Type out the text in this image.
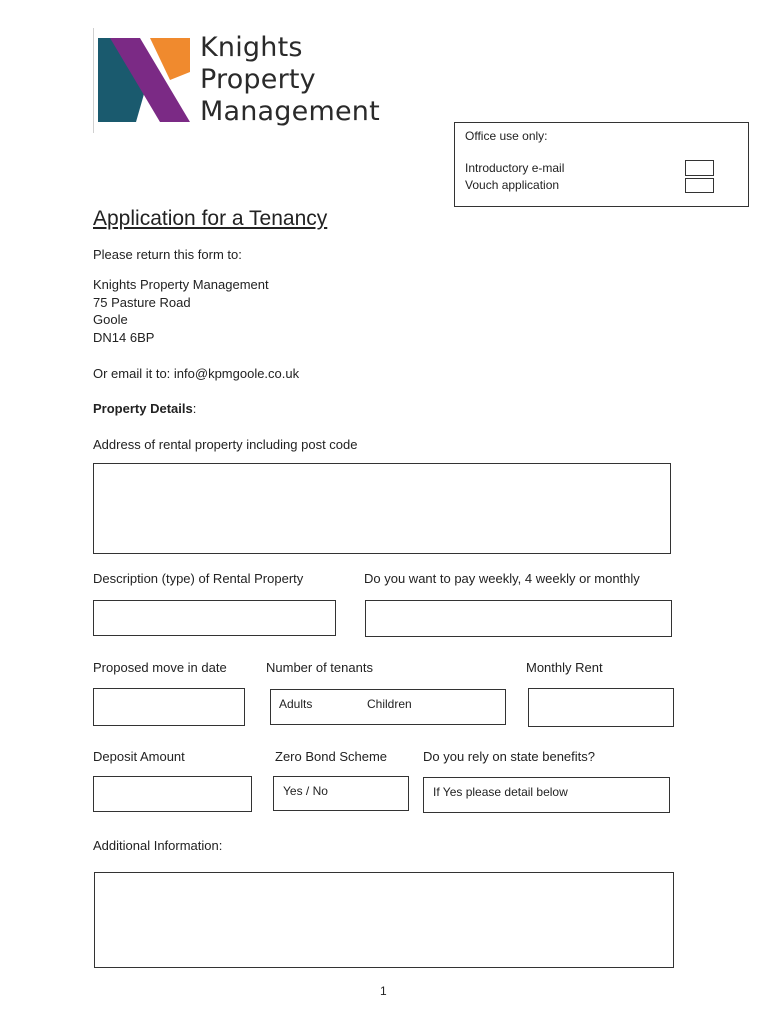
Knights
Property
Management
Office use only:
Introductory e-mail
Vouch application
Application for a Tenancy
Please return this form to:
Knights Property Management
75 Pasture Road
Goole
DN14 6BP
Or email it to: info@kpmgoole.co.uk
Property Details:
Address of rental property including post code
Description (type) of Rental Property	Do you want to pay weekly, 4 weekly or monthly
Proposed move in date	Number of tenants	Monthly Rent
Adults	Children
Deposit Amount	Zero Bond Scheme	Do you rely on state benefits?
Yes / No	If Yes please detail below
Additional Information:
1
